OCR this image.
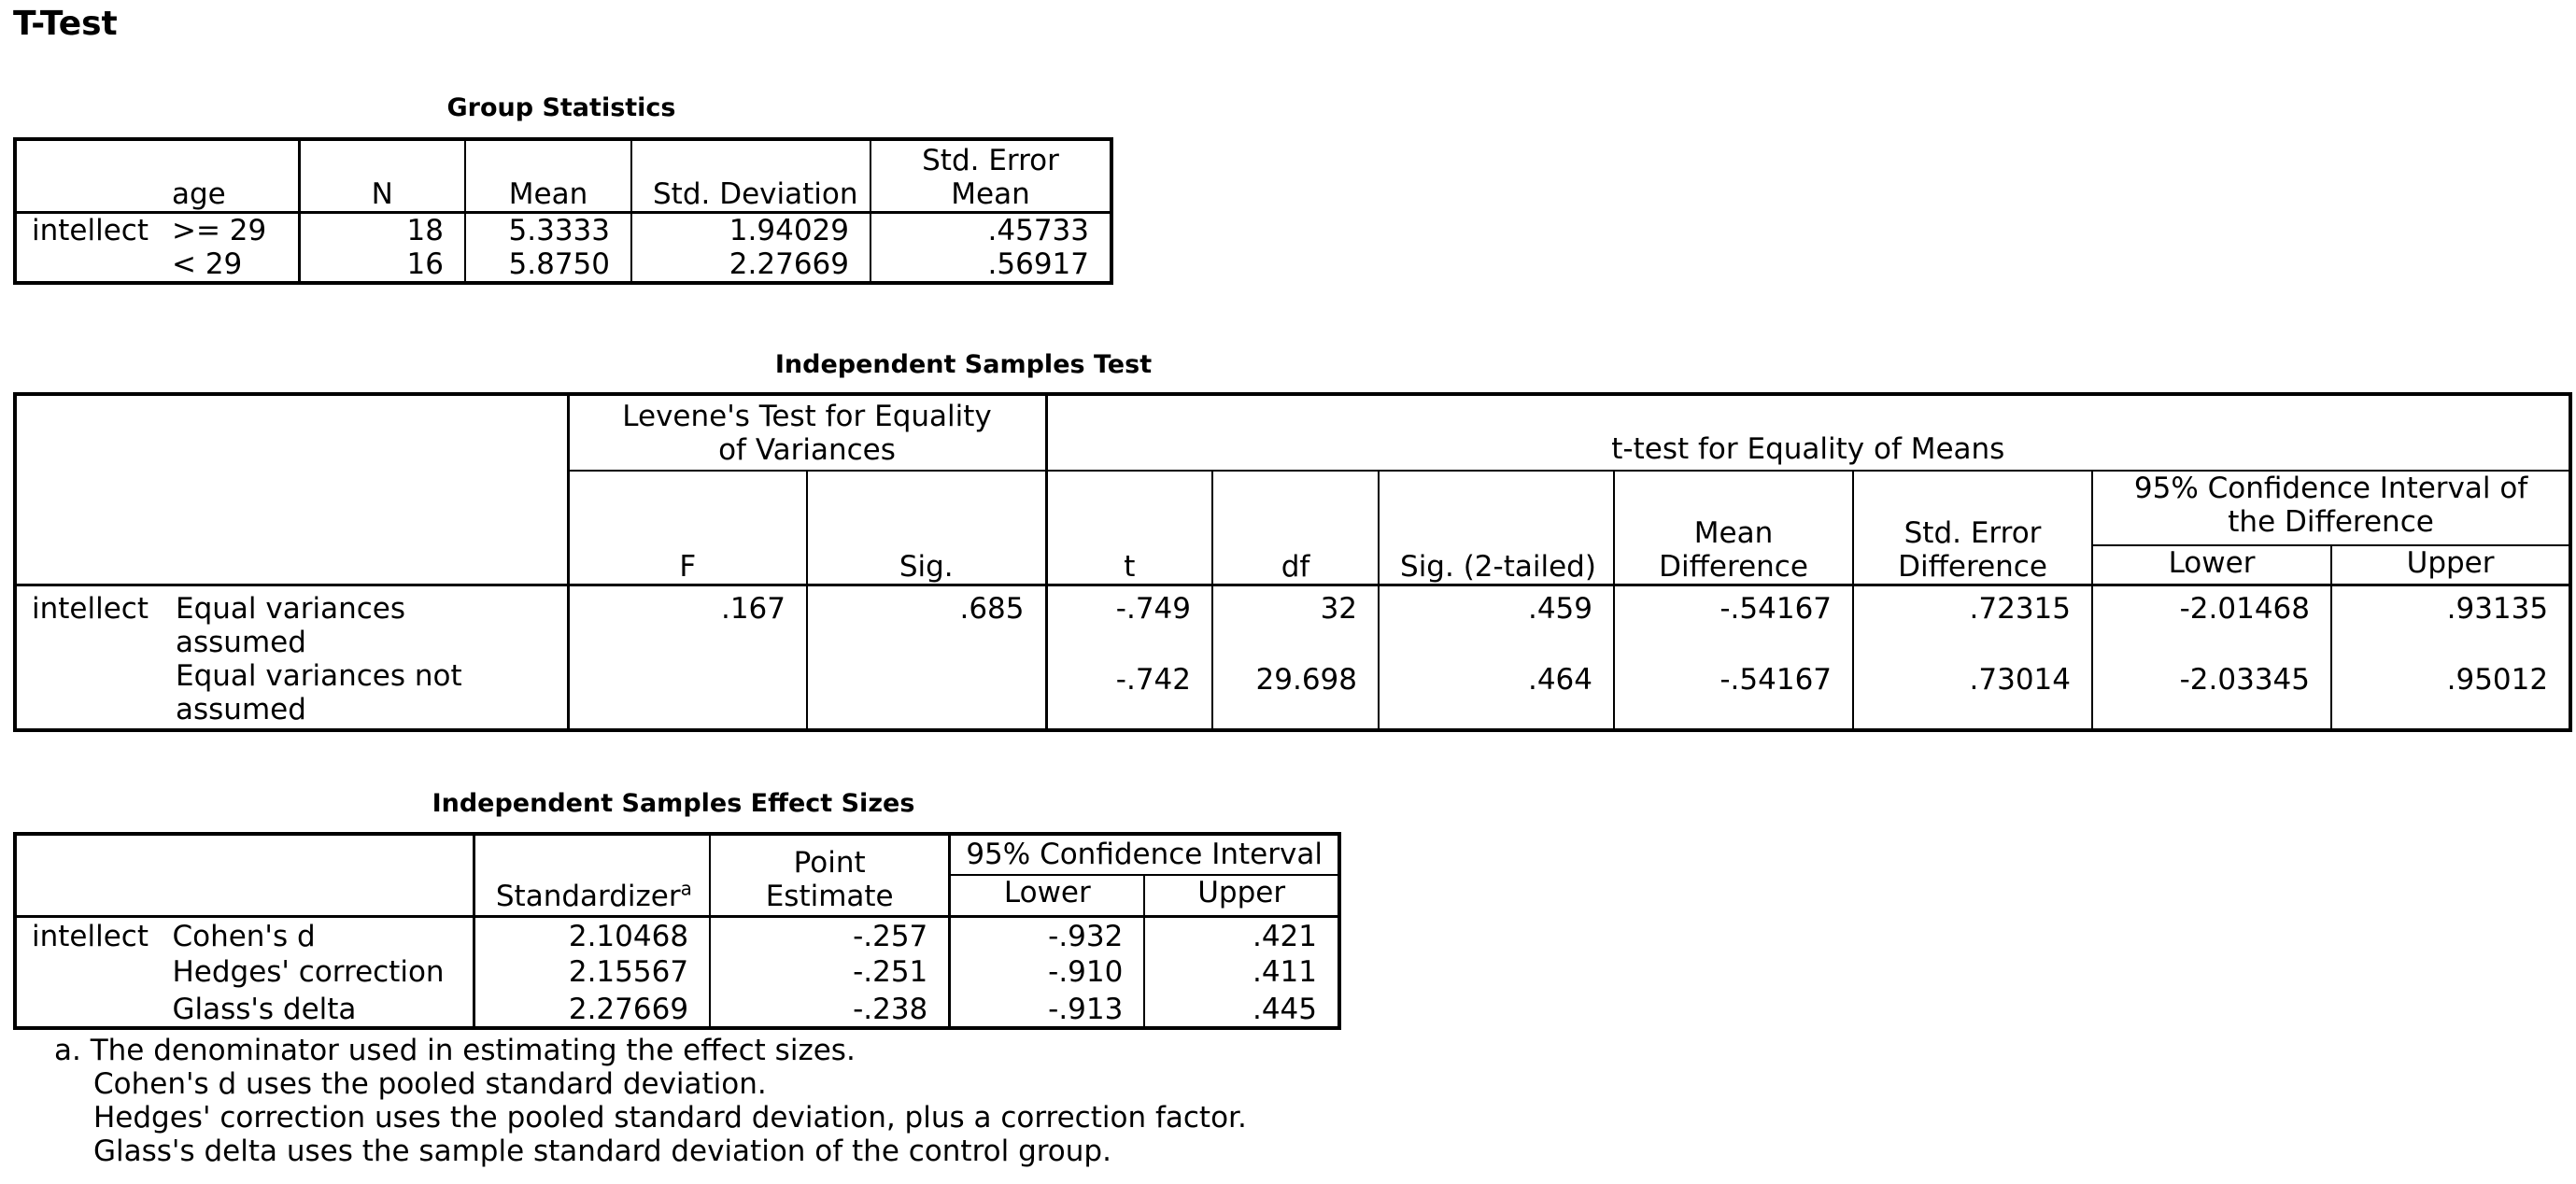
T-Test
Group Statistics
	age	N	Mean	Std. Deviation	Std. Error Mean
intellect	>= 29	18	5.3333	1.94029	.45733
	< 29	16	5.8750	2.27669	.56917
Independent Samples Test
		Levene's Test for Equality of Variances		t-test for Equality of Means						
		F	Sig.	t	df	Sig. (2-tailed)	Mean Difference	Std. Error Difference	95% Confidence Interval of the Difference	
									Lower	Upper
intellect	Equal variances assumed	.167	.685	-.749	32	.459	-.54167	.72315	-2.01468	.93135
	Equal variances not assumed			-.742	29.698	.464	-.54167	.73014	-2.03345	.95012
Independent Samples Effect Sizes
		Standardizer$^a$	Point Estimate	95% Confidence Interval	
				Lower	Upper
intellect	Cohen's d	2.10468	-.257	-.932	.421
	Hedges' correction	2.15567	-.251	-.910	.411
	Glass's delta	2.27669	-.238	-.913	.445
a. The denominator used in estimating the effect sizes.
Cohen's d uses the pooled standard deviation.
Hedges' correction uses the pooled standard deviation, plus a correction factor.
Glass's delta uses the sample standard deviation of the control group.
